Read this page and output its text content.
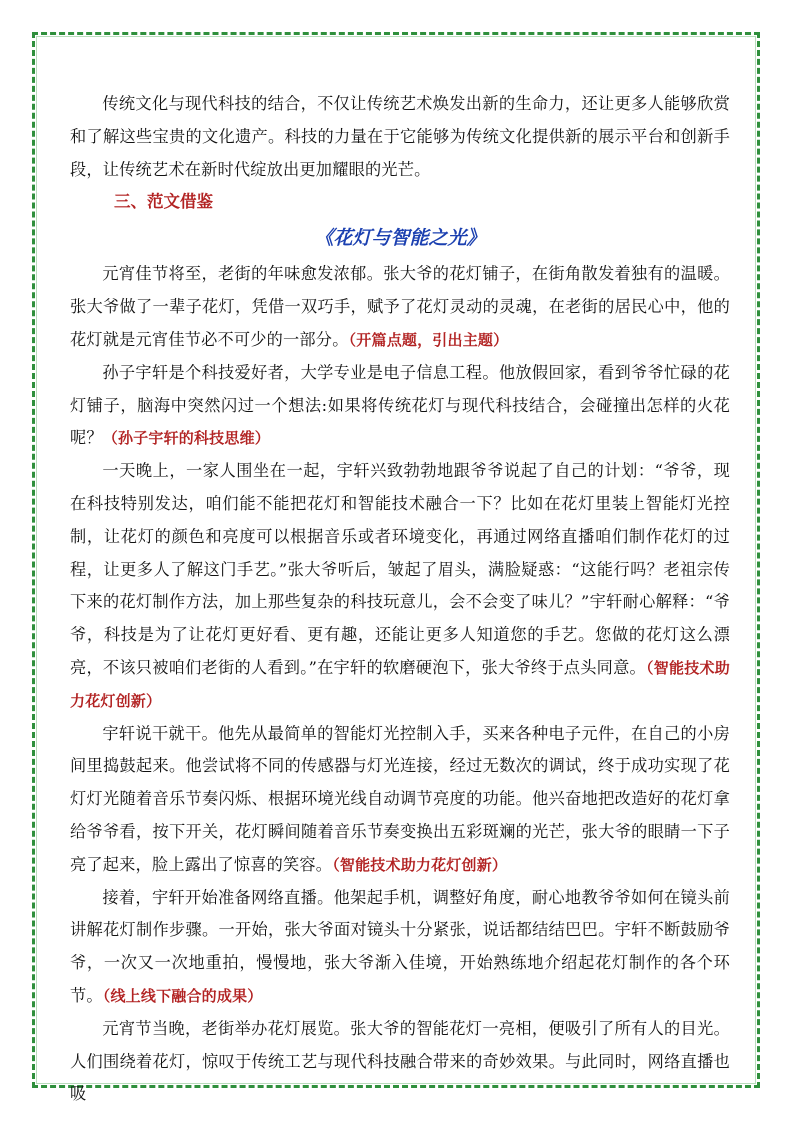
传统文化与现代科技的结合，不仅让传统艺术焕发出新的生命力，还让更多人能够欣赏和了解这些宝贵的文化遗产。科技的力量在于它能够为传统文化提供新的展示平台和创新手段，让传统艺术在新时代绽放出更加耀眼的光芒。

三、范文借鉴
《花灯与智能之光》

元宵佳节将至，老街的年味愈发浓郁。张大爷的花灯铺子，在街角散发着独有的温暖。张大爷做了一辈子花灯，凭借一双巧手，赋予了花灯灵动的灵魂，在老街的居民心中，他的花灯就是元宵佳节必不可少的一部分。（开篇点题，引出主题）

孙子宇轩是个科技爱好者，大学专业是电子信息工程。他放假回家，看到爷爷忙碌的花灯铺子，脑海中突然闪过一个想法:如果将传统花灯与现代科技结合，会碰撞出怎样的火花呢？（孙子宇轩的科技思维）

一天晚上，一家人围坐在一起，宇轩兴致勃勃地跟爷爷说起了自己的计划：“爷爷，现在科技特别发达，咱们能不能把花灯和智能技术融合一下？比如在花灯里装上智能灯光控制，让花灯的颜色和亮度可以根据音乐或者环境变化，再通过网络直播咱们制作花灯的过程，让更多人了解这门手艺。”张大爷听后，皱起了眉头，满脸疑惑：“这能行吗？老祖宗传下来的花灯制作方法，加上那些复杂的科技玩意儿，会不会变了味儿？”宇轩耐心解释：“爷爷，科技是为了让花灯更好看、更有趣，还能让更多人知道您的手艺。您做的花灯这么漂亮，不该只被咱们老街的人看到。”在宇轩的软磨硬泡下，张大爷终于点头同意。（智能技术助力花灯创新）

宇轩说干就干。他先从最简单的智能灯光控制入手，买来各种电子元件，在自己的小房间里捣鼓起来。他尝试将不同的传感器与灯光连接，经过无数次的调试，终于成功实现了花灯灯光随着音乐节奏闪烁、根据环境光线自动调节亮度的功能。他兴奋地把改造好的花灯拿给爷爷看，按下开关，花灯瞬间随着音乐节奏变换出五彩斑斓的光芒，张大爷的眼睛一下子亮了起来，脸上露出了惊喜的笑容。（智能技术助力花灯创新）

接着，宇轩开始准备网络直播。他架起手机，调整好角度，耐心地教爷爷如何在镜头前讲解花灯制作步骤。一开始，张大爷面对镜头十分紧张，说话都结结巴巴。宇轩不断鼓励爷爷，一次又一次地重拍，慢慢地，张大爷渐入佳境，开始熟练地介绍起花灯制作的各个环节。（线上线下融合的成果）

元宵节当晚，老街举办花灯展览。张大爷的智能花灯一亮相，便吸引了所有人的目光。人们围绕着花灯，惊叹于传统工艺与现代科技融合带来的奇妙效果。与此同时，网络直播也吸
